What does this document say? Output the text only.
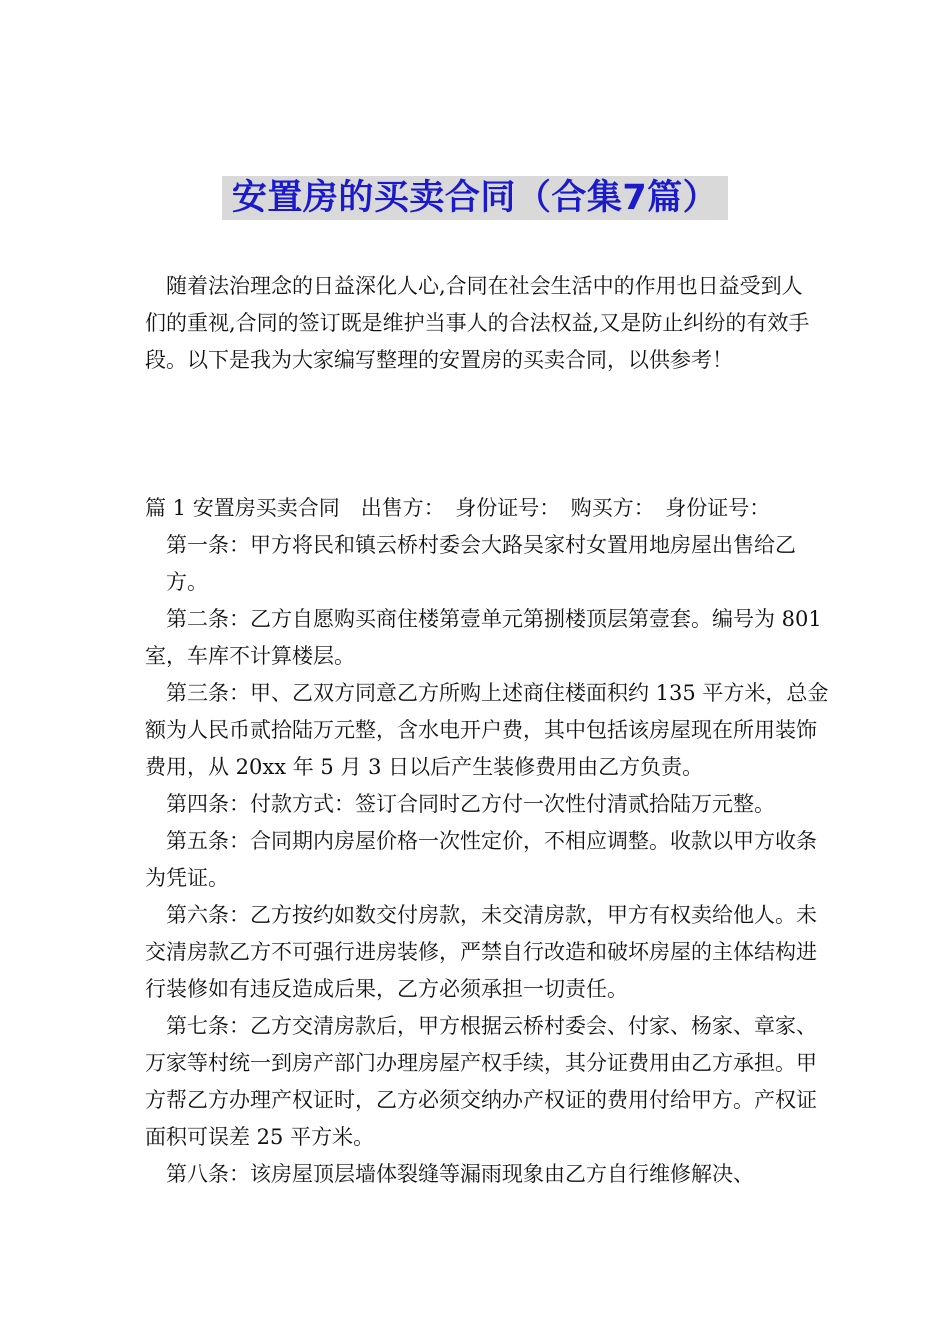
安置房的买卖合同（合集7篇）

随着法治理念的日益深化人心,合同在社会生活中的作用也日益受到人们的重视,合同的签订既是维护当事人的合法权益,又是防止纠纷的有效手段。以下是我为大家编写整理的安置房的买卖合同，以供参考！

篇 1 安置房买卖合同　出售方：　身份证号：　购买方：　身份证号：

第一条：甲方将民和镇云桥村委会大路吴家村女置用地房屋出售给乙方。

第二条：乙方自愿购买商住楼第壹单元第捌楼顶层第壹套。编号为 801 室，车库不计算楼层。

第三条：甲、乙双方同意乙方所购上述商住楼面积约 135 平方米，总金额为人民币贰拾陆万元整，含水电开户费，其中包括该房屋现在所用装饰费用，从 20xx 年 5 月 3 日以后产生装修费用由乙方负责。

第四条：付款方式：签订合同时乙方付一次性付清贰拾陆万元整。

第五条：合同期内房屋价格一次性定价，不相应调整。收款以甲方收条为凭证。

第六条：乙方按约如数交付房款，未交清房款，甲方有权卖给他人。未交清房款乙方不可强行进房装修，严禁自行改造和破坏房屋的主体结构进行装修如有违反造成后果，乙方必须承担一切责任。

第七条：乙方交清房款后，甲方根据云桥村委会、付家、杨家、章家、万家等村统一到房产部门办理房屋产权手续，其分证费用由乙方承担。甲方帮乙方办理产权证时，乙方必须交纳办产权证的费用付给甲方。产权证面积可误差 25 平方米。

第八条：该房屋顶层墙体裂缝等漏雨现象由乙方自行维修解决、
